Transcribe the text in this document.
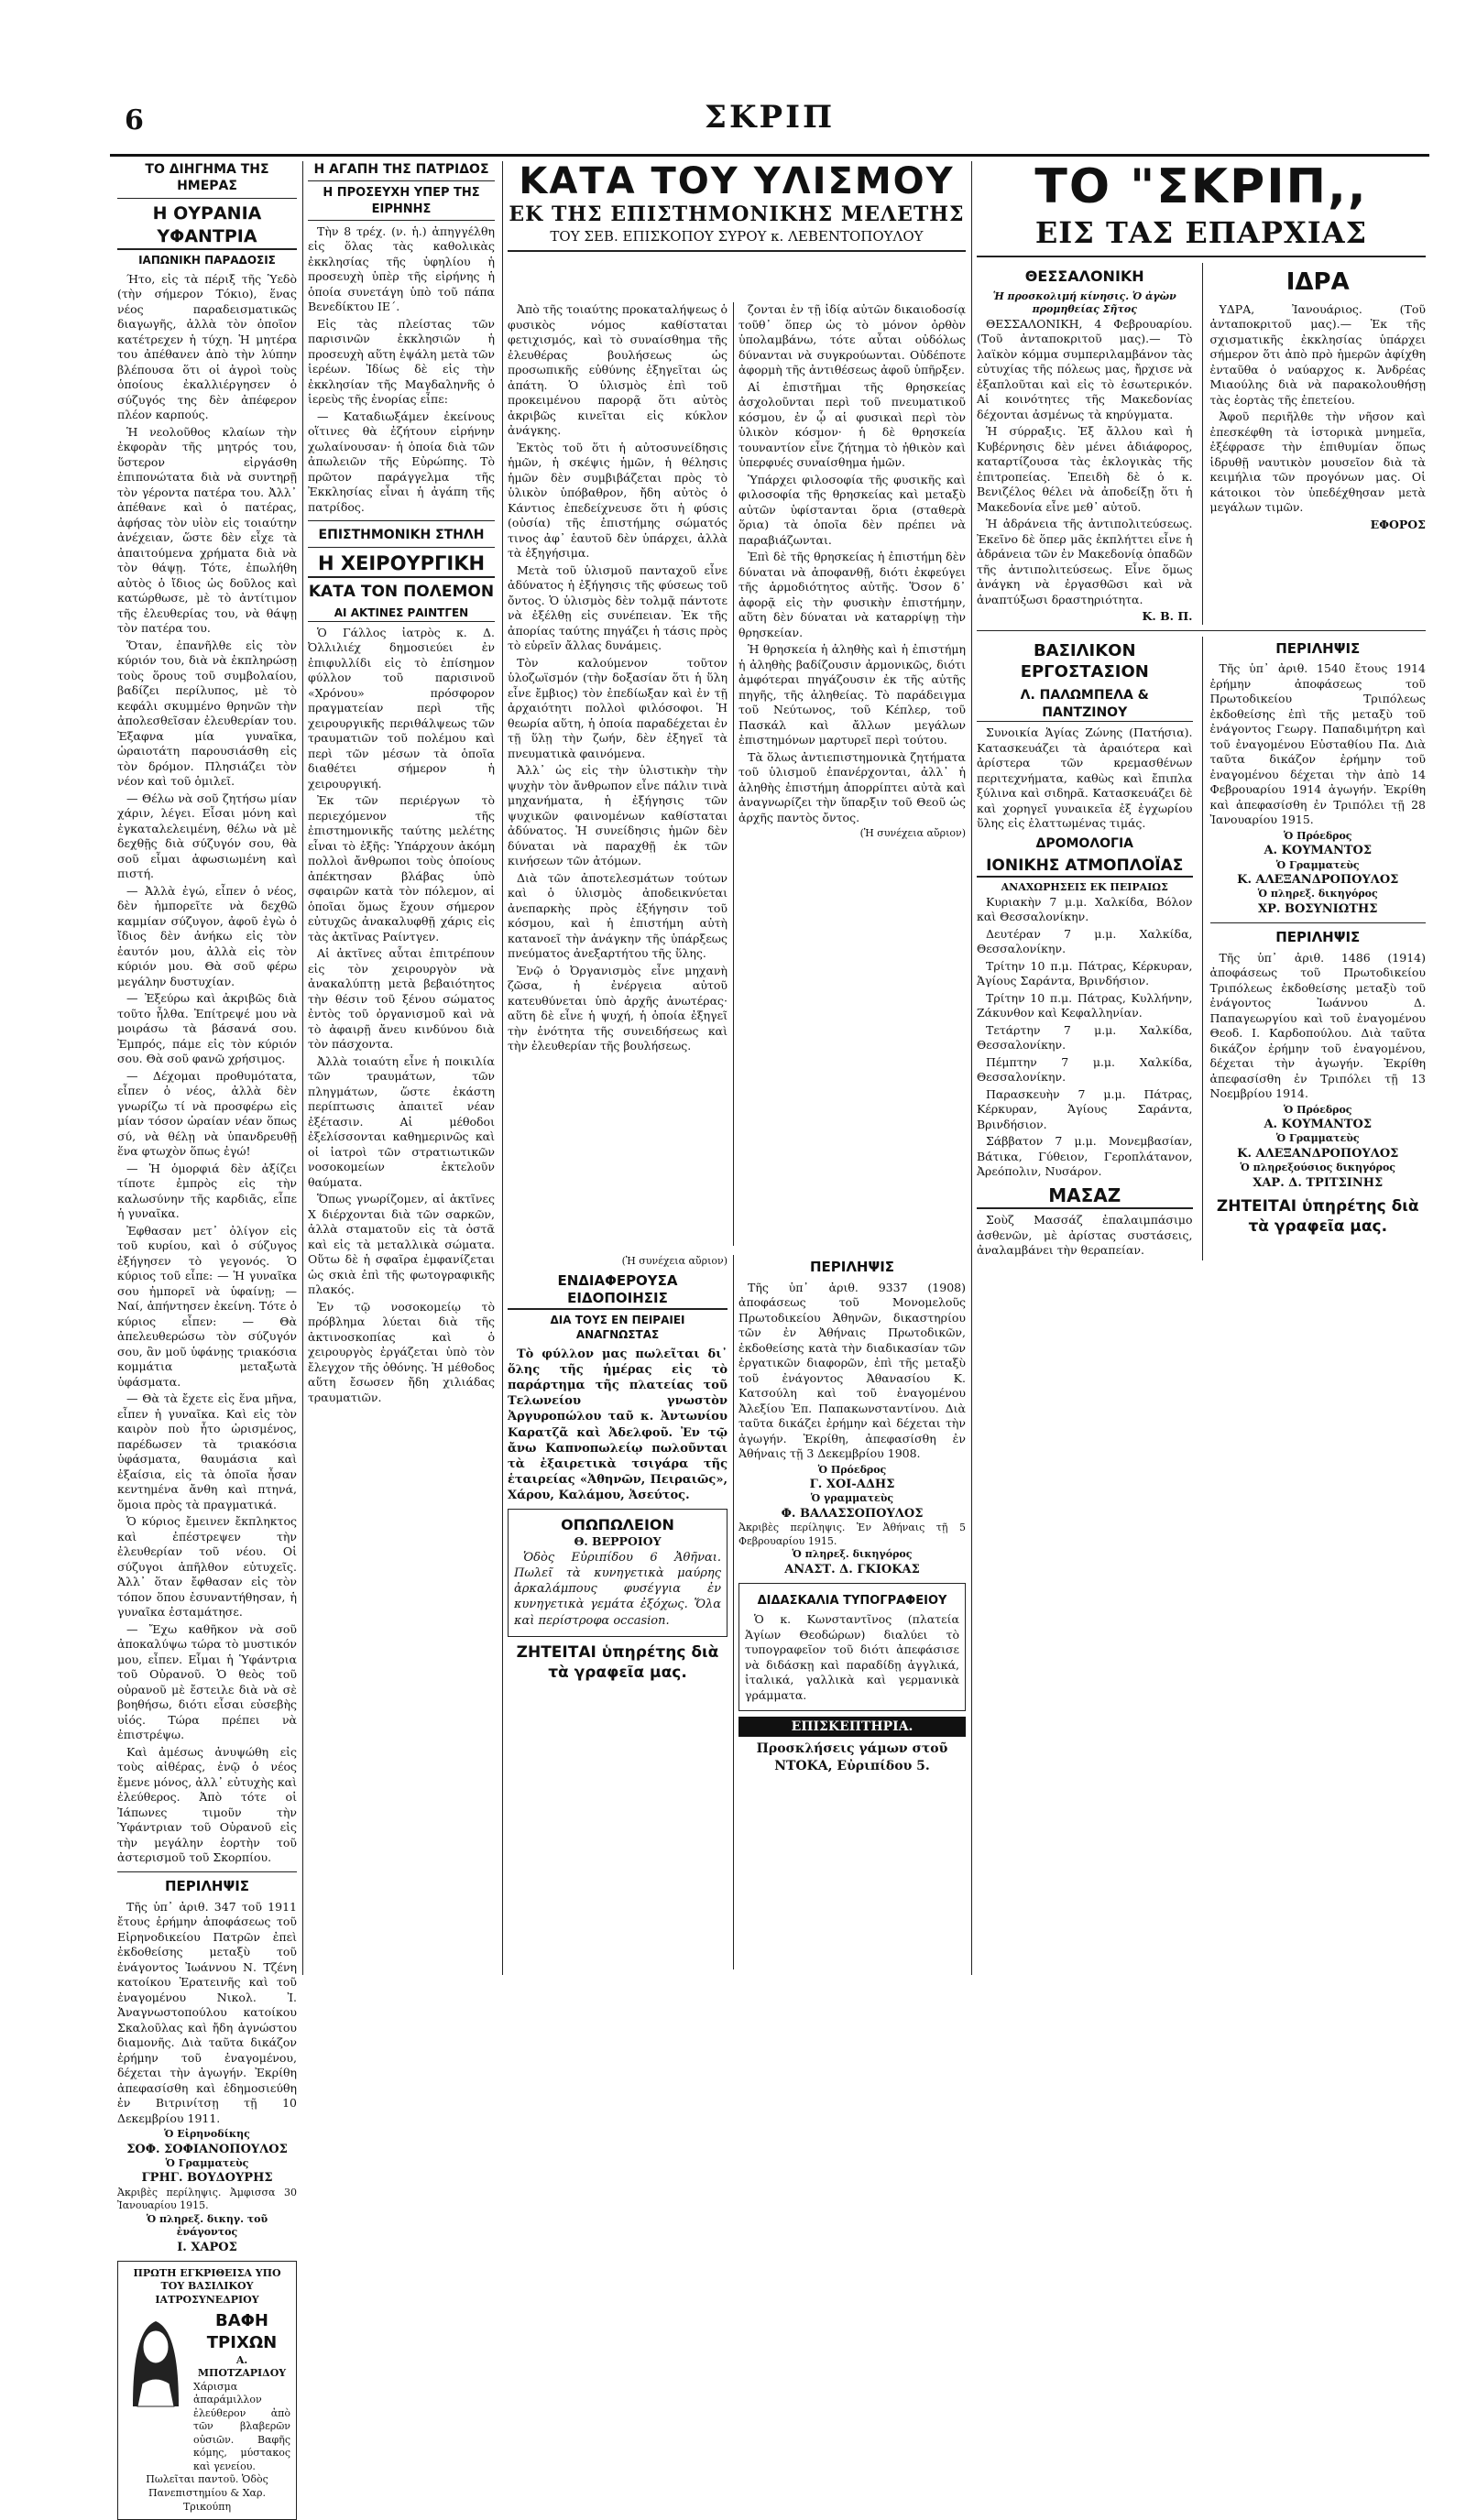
6	ΣΚΡΙΠ
ΤΟ ΔΙΗΓΗΜΑ ΤΗΣ ΗΜΕΡΑΣ
Η ΟΥΡΑΝΙΑ ΥΦΑΝΤΡΙΑ
ΙΑΠΩΝΙΚΗ ΠΑΡΑΔΟΣΙΣ

Ήτο, εἰς τὰ πέριξ τῆς Ὑεδὸ (τὴν σήμερον Τόκιο), ἕνας νέος παραδεισματικῶς διαγωγῆς, ἀλλὰ τὸν ὁποῖον κατέτρεχεν ἡ τύχη. Ἡ μητέρα του ἀπέθανεν ἀπὸ τὴν λύπην βλέπουσα ὅτι οἱ ἀγροὶ τοὺς ὁποίους ἐκαλλιέργησεν ὁ σύζυγός της δὲν ἀπέφερον πλέον καρπούς.

Ἡ νεολοῦθος κλαίων τὴν ἐκφορὰν τῆς μητρός του, ὕστερον εἰργάσθη ἐπιπονώτατα διὰ νὰ συντηρῇ τὸν γέροντα πατέρα του. Ἀλλ᾽ ἀπέθανε καὶ ὁ πατέρας, ἀφήσας τὸν υἱὸν εἰς τοιαύτην ἀνέχειαν, ὥστε δὲν εἶχε τὰ ἀπαιτούμενα χρήματα διὰ νὰ τὸν θάψῃ. Τότε, ἐπωλήθη αὐτὸς ὁ ἴδιος ὡς δοῦλος καὶ κατώρθωσε, μὲ τὸ ἀντίτιμον τῆς ἐλευθερίας του, νὰ θάψῃ τὸν πατέρα του.

Ὅταν, ἐπανῆλθε εἰς τὸν κύριόν του, διὰ νὰ ἐκπληρώσῃ τοὺς ὅρους τοῦ συμβολαίου, βαδίζει περίλυπος, μὲ τὸ κεφάλι σκυμμένο θρηνῶν τὴν ἀπολεσθεῖσαν ἐλευθερίαν του. Ἐξαφνα μία γυναῖκα, ὡραιοτάτη παρουσιάσθη εἰς τὸν δρόμον. Πλησιάζει τὸν νέον καὶ τοῦ ὁμιλεῖ.

— Θέλω νὰ σοῦ ζητήσω μίαν χάριν, λέγει. Εἶσαι μόνη καὶ ἐγκαταλελειμένη, θέλω νὰ μὲ δεχθῇς διὰ σύζυγόν σου, θὰ σοῦ εἶμαι ἀφωσιωμένη καὶ πιστή.

— Ἀλλὰ ἐγώ, εἶπεν ὁ νέος, δὲν ἠμπορεῖτε νὰ δεχθῶ καμμίαν σύζυγον, ἀφοῦ ἐγὼ ὁ ἴδιος δὲν ἀνήκω εἰς τὸν ἑαυτόν μου, ἀλλὰ εἰς τὸν κύριόν μου. Θὰ σοῦ φέρω μεγάλην δυστυχίαν.

— Ἐξεύρω καὶ ἀκριβῶς διὰ τοῦτο ἦλθα. Ἐπίτρεψέ μου νὰ μοιράσω τὰ βάσανά σου. Ἐμπρός, πάμε εἰς τὸν κύριόν σου. Θὰ σοῦ φανῶ χρήσιμος.

— Δέχομαι προθυμότατα, εἶπεν ὁ νέος, ἀλλὰ δὲν γνωρίζω τί νὰ προσφέρω εἰς μίαν τόσον ὡραίαν νέαν ὅπως σύ, νὰ θέλῃ νὰ ὑπανδρευθῇ ἕνα φτωχὸν ὅπως ἐγώ!

— Ἡ ὁμορφιά δὲν ἀξίζει τίποτε ἐμπρὸς εἰς τὴν καλωσύνην τῆς καρδιᾶς, εἶπε ἡ γυναῖκα.

Ἐφθασαν μετ᾽ ὀλίγον εἰς τοῦ κυρίου, καὶ ὁ σύζυγος ἐξήγησεν τὸ γεγονός. Ὁ κύριος τοῦ εἶπε: — Ἡ γυναῖκα σου ἠμπορεῖ νὰ ὑφαίνῃ; — Ναί, ἀπήντησεν ἐκείνη. Τότε ὁ κύριος εἶπεν: — Θὰ ἀπελευθερώσω τὸν σύζυγόν σου, ἂν μοῦ ὑφάνῃς τριακόσια κομμάτια μεταξωτὰ ὑφάσματα.

— Θὰ τὰ ἔχετε εἰς ἕνα μῆνα, εἶπεν ἡ γυναῖκα. Καὶ εἰς τὸν καιρὸν ποὺ ἦτο ὡρισμένος, παρέδωσεν τὰ τριακόσια ὑφάσματα, θαυμάσια καὶ ἐξαίσια, εἰς τὰ ὁποῖα ἦσαν κεντημένα ἄνθη καὶ πτηνά, ὅμοια πρὸς τὰ πραγματικά.

Ὁ κύριος ἔμεινεν ἔκπληκτος καὶ ἐπέστρεψεν τὴν ἐλευθερίαν τοῦ νέου. Οἱ σύζυγοι ἀπῆλθον εὐτυχεῖς. Ἀλλ᾽ ὅταν ἔφθασαν εἰς τὸν τόπον ὅπου ἐσυναντήθησαν, ἡ γυναῖκα ἐσταμάτησε.

— Ἔχω καθῆκον νὰ σοῦ ἀποκαλύψω τώρα τὸ μυστικόν μου, εἶπεν. Εἶμαι ἡ Ὑφάντρια τοῦ Οὐρανοῦ. Ὁ θεὸς τοῦ οὐρανοῦ μὲ ἔστειλε διὰ νὰ σὲ βοηθήσω, διότι εἶσαι εὐσεβὴς υἱός. Τώρα πρέπει νὰ ἐπιστρέψω.

Καὶ ἀμέσως ἀνυψώθη εἰς τοὺς αἰθέρας, ἐνῷ ὁ νέος ἔμενε μόνος, ἀλλ᾽ εὐτυχὴς καὶ ἐλεύθερος. Ἀπὸ τότε οἱ Ἰάπωνες τιμοῦν τὴν Ὑφάντριαν τοῦ Οὐρανοῦ εἰς τὴν μεγάλην ἑορτὴν τοῦ ἀστερισμοῦ τοῦ Σκορπίου.

ΠΕΡΙΛΗΨΙΣ

Τῆς ὑπ᾽ ἀριθ. 347 τοῦ 1911 ἔτους ἐρήμην ἀποφάσεως τοῦ Εἰρηνοδικείου Πατρῶν ἐπεὶ ἐκδοθείσης μεταξὺ τοῦ ἐνάγοντος Ἰωάννου Ν. Τζένη κατοίκου Ἐρατεινῆς καὶ τοῦ ἐναγομένου Νικολ. Ἰ. Ἀναγνωστοπούλου κατοίκου Σκαλοῦλας καὶ ἤδη ἀγνώστου διαμονῆς. Διὰ ταῦτα δικάζον ἐρήμην τοῦ ἐναγομένου, δέχεται τὴν ἀγωγήν. Ἐκρίθη ἀπεφασίσθη καὶ ἐδημοσιεύθη ἐν Βιτρινίτσῃ τῇ 10 Δεκεμβρίου 1911.

Ὁ Εἰρηνοδίκης
ΣΟΦ. ΣΟΦΙΑΝΟΠΟΥΛΟΣ
Ὁ Γραμματεὺς
ΓΡΗΓ. ΒΟΥΔΟΥΡΗΣ
Ἀκριβὲς περίληψις. Ἀμφισσα 30 Ἰανουαρίου 1915.
Ὁ πληρεξ. δικηγ. τοῦ ἐνάγοντος
Ι. ΧΑΡΟΣ
ΠΡΩΤΗ ΕΓΚΡΙΘΕΙΣΑ ΥΠΟ ΤΟΥ ΒΑΣΙΛΙΚΟΥ ΙΑΤΡΟΣΥΝΕΔΡΙΟΥ
ΒΑΦΗ ΤΡΙΧΩΝ
Α. ΜΠΟΤΖΑΡΙΔΟΥ
Χάρισμα ἀπαράμιλλον ἐλεύθερον ἀπὸ τῶν βλαβερῶν οὐσιῶν. Βαφῆς κόμης, μύστακος καὶ γενείου.
Πωλεῖται παντοῦ. Ὁδὸς Πανεπιστημίου & Χαρ. Τρικούπη
Η ΑΓΑΠΗ ΤΗΣ ΠΑΤΡΙΔΟΣ
Η ΠΡΟΣΕΥΧΗ ΥΠΕΡ ΤΗΣ ΕΙΡΗΝΗΣ

Τὴν 8 τρέχ. (ν. ἡ.) ἀπηγγέλθη εἰς ὅλας τὰς καθολικὰς ἐκκλησίας τῆς ὑφηλίου ἡ προσευχὴ ὑπὲρ τῆς εἰρήνης ἡ ὁποία συνετάγη ὑπὸ τοῦ πάπα Βενεδίκτου ΙΕ΄.

Εἰς τὰς πλείστας τῶν παρισινῶν ἐκκλησιῶν ἡ προσευχὴ αὕτη ἐψάλη μετὰ τῶν ἱερέων. Ἰδίως δὲ εἰς τὴν ἐκκλησίαν τῆς Μαγδαληνῆς ὁ ἱερεὺς τῆς ἐνορίας εἶπε:

— Καταδιωξάμεν ἐκείνους οἵτινες θὰ ἐζήτουν εἰρήνην χωλαίνουσαν· ἡ ὁποία διὰ τῶν ἀπωλειῶν τῆς Εὐρώπης. Τὸ πρῶτον παράγγελμα τῆς Ἐκκλησίας εἶναι ἡ ἀγάπη τῆς πατρίδος.

ΕΠΙΣΤΗΜΟΝΙΚΗ ΣΤΗΛΗ
Η ΧΕΙΡΟΥΡΓΙΚΗ
ΚΑΤΑ ΤΟΝ ΠΟΛΕΜΟΝ
ΑΙ ΑΚΤΙΝΕΣ ΡΑΙΝΤΓΕΝ

Ὁ Γάλλος ἰατρὸς κ. Δ. Ὀλλιλιέχ δημοσιεύει ἐν ἐπιφυλλίδι εἰς τὸ ἐπίσημον φύλλον τοῦ παρισινοῦ «Χρόνου» πρόσφορον πραγματείαν περὶ τῆς χειρουργικῆς περιθάλψεως τῶν τραυματιῶν τοῦ πολέμου καὶ περὶ τῶν μέσων τὰ ὁποῖα διαθέτει σήμερον ἡ χειρουργική.

Ἐκ τῶν περιέργων τὸ περιεχόμενον τῆς ἐπιστημονικῆς ταύτης μελέτης εἶναι τὸ ἑξῆς: Ὑπάρχουν ἀκόμη πολλοὶ ἄνθρωποι τοὺς ὁποίους ἀπέκτησαν βλάβας ὑπὸ σφαιρῶν κατὰ τὸν πόλεμον, αἱ ὁποῖαι ὅμως ἔχουν σήμερον εὐτυχῶς ἀνακαλυφθῇ χάρις εἰς τὰς ἀκτῖνας Ραίντγεν.

Αἱ ἀκτῖνες αὗται ἐπιτρέπουν εἰς τὸν χειρουργὸν νὰ ἀνακαλύπτῃ μετὰ βεβαιότητος τὴν θέσιν τοῦ ξένου σώματος ἐντὸς τοῦ ὀργανισμοῦ καὶ νὰ τὸ ἀφαιρῇ ἄνευ κινδύνου διὰ τὸν πάσχοντα.

Ἀλλὰ τοιαύτη εἶνε ἡ ποικιλία τῶν τραυμάτων, τῶν πληγμάτων, ὥστε ἐκάστη περίπτωσις ἀπαιτεῖ νέαν ἐξέτασιν. Αἱ μέθοδοι ἐξελίσσονται καθημερινῶς καὶ οἱ ἰατροὶ τῶν στρατιωτικῶν νοσοκομείων ἐκτελοῦν θαύματα.

Ὅπως γνωρίζομεν, αἱ ἀκτῖνες Χ διέρχονται διὰ τῶν σαρκῶν, ἀλλὰ σταματοῦν εἰς τὰ ὀστᾶ καὶ εἰς τὰ μεταλλικὰ σώματα. Οὕτω δὲ ἡ σφαῖρα ἐμφανίζεται ὡς σκιὰ ἐπὶ τῆς φωτογραφικῆς πλακός.

Ἐν τῷ νοσοκομείῳ τὸ πρόβλημα λύεται διὰ τῆς ἀκτινοσκοπίας καὶ ὁ χειρουργὸς ἐργάζεται ὑπὸ τὸν ἔλεγχον τῆς ὀθόνης. Ἡ μέθοδος αὕτη ἔσωσεν ἤδη χιλιάδας τραυματιῶν.

ΚΑΤΑ ΤΟΥ ΥΛΙΣΜΟΥ
ΕΚ ΤΗΣ ΕΠΙΣΤΗΜΟΝΙΚΗΣ ΜΕΛΕΤΗΣ
ΤΟΥ ΣΕΒ. ΕΠΙΣΚΟΠΟΥ ΣΥΡΟΥ κ. ΛΕΒΕΝΤΟΠΟΥΛΟΥ

Ἀπὸ τῆς τοιαύτης προκαταλήψεως ὁ φυσικὸς νόμος καθίσταται φετιχισμός, καὶ τὸ συναίσθημα τῆς ἐλευθέρας βουλήσεως ὡς προσωπικῆς εὐθύνης ἐξηγεῖται ὡς ἀπάτη. Ὁ ὑλισμὸς ἐπὶ τοῦ προκειμένου παρορᾷ ὅτι αὐτὸς ἀκριβῶς κινεῖται εἰς κύκλον ἀνάγκης.

Ἐκτὸς τοῦ ὅτι ἡ αὐτοσυνείδησις ἡμῶν, ἡ σκέψις ἡμῶν, ἡ θέλησις ἡμῶν δὲν συμβιβάζεται πρὸς τὸ ὑλικὸν ὑπόβαθρον, ἤδη αὐτὸς ὁ Κάντιος ἐπεδείχνευσε ὅτι ἡ φύσις (οὐσία) τῆς ἐπιστήμης σώματός τινος ἀφ᾽ ἑαυτοῦ δὲν ὑπάρχει, ἀλλὰ τὰ ἐξηγήσιμα.

Μετὰ τοῦ ὑλισμοῦ πανταχοῦ εἶνε ἀδύνατος ἡ ἐξήγησις τῆς φύσεως τοῦ ὄντος. Ὁ ὑλισμὸς δὲν τολμᾷ πάντοτε νὰ ἐξέλθῃ εἰς συνέπειαν. Ἐκ τῆς ἀπορίας ταύτης πηγάζει ἡ τάσις πρὸς τὸ εὑρεῖν ἄλλας δυνάμεις.

Τὸν καλούμενον τοῦτον ὑλοζωϊσμόν (τὴν δοξασίαν ὅτι ἡ ὕλη εἶνε ἔμβιος) τὸν ἐπεδίωξαν καὶ ἐν τῇ ἀρχαιότητι πολλοὶ φιλόσοφοι. Ἡ θεωρία αὕτη, ἡ ὁποία παραδέχεται ἐν τῇ ὕλῃ τὴν ζωήν, δὲν ἐξηγεῖ τὰ πνευματικὰ φαινόμενα.

Ἀλλ᾽ ὡς εἰς τὴν ὑλιστικὴν τὴν ψυχὴν τὸν ἄνθρωπον εἶνε πάλιν τινὰ μηχανήματα, ἡ ἐξήγησις τῶν ψυχικῶν φαινομένων καθίσταται ἀδύνατος. Ἡ συνείδησις ἡμῶν δὲν δύναται νὰ παραχθῇ ἐκ τῶν κινήσεων τῶν ἀτόμων.

Διὰ τῶν ἀποτελεσμάτων τούτων καὶ ὁ ὑλισμὸς ἀποδεικνύεται ἀνεπαρκὴς πρὸς ἐξήγησιν τοῦ κόσμου, καὶ ἡ ἐπιστήμη αὐτὴ κατανοεῖ τὴν ἀνάγκην τῆς ὑπάρξεως πνεύματος ἀνεξαρτήτου τῆς ὕλης.

Ἐνῷ ὁ Ὀργανισμὸς εἶνε μηχανὴ ζῶσα, ἡ ἐνέργεια αὐτοῦ κατευθύνεται ὑπὸ ἀρχῆς ἀνωτέρας· αὕτη δὲ εἶνε ἡ ψυχή, ἡ ὁποία ἐξηγεῖ τὴν ἑνότητα τῆς συνειδήσεως καὶ τὴν ἐλευθερίαν τῆς βουλήσεως.

ζονται ἐν τῇ ἰδίᾳ αὐτῶν δικαιοδοσίᾳ τοῦθ᾽ ὅπερ ὡς τὸ μόνον ὀρθὸν ὑπολαμβάνω, τότε αὗται οὐδόλως δύνανται νὰ συγκρούωνται. Οὐδέποτε ἀφορμὴ τῆς ἀντιθέσεως ἀφοῦ ὑπῆρξεν.

Αἱ ἐπιστῆμαι τῆς θρησκείας ἀσχολοῦνται περὶ τοῦ πνευματικοῦ κόσμου, ἐν ᾧ αἱ φυσικαὶ περὶ τὸν ὑλικὸν κόσμον· ἡ δὲ θρησκεία τουναντίον εἶνε ζήτημα τὸ ἠθικὸν καὶ ὑπερφυές συναίσθημα ἡμῶν.

Ὑπάρχει φιλοσοφία τῆς φυσικῆς καὶ φιλοσοφία τῆς θρησκείας καὶ μεταξὺ αὐτῶν ὑφίστανται ὅρια (σταθερὰ ὅρια) τὰ ὁποῖα δὲν πρέπει νὰ παραβιάζωνται.

Ἐπὶ δὲ τῆς θρησκείας ἡ ἐπιστήμη δὲν δύναται νὰ ἀποφανθῇ, διότι ἐκφεύγει τῆς ἀρμοδιότητος αὐτῆς. Ὅσον δ᾽ ἀφορᾷ εἰς τὴν φυσικὴν ἐπιστήμην, αὕτη δὲν δύναται νὰ καταρρίψῃ τὴν θρησκείαν.

Ἡ θρησκεία ἡ ἀληθὴς καὶ ἡ ἐπιστήμη ἡ ἀληθὴς βαδίζουσιν ἀρμονικῶς, διότι ἀμφότεραι πηγάζουσιν ἐκ τῆς αὐτῆς πηγῆς, τῆς ἀληθείας. Τὸ παράδειγμα τοῦ Νεύτωνος, τοῦ Κέπλερ, τοῦ Πασκάλ καὶ ἄλλων μεγάλων ἐπιστημόνων μαρτυρεῖ περὶ τούτου.

Τὰ ὅλως ἀντιεπιστημονικὰ ζητήματα τοῦ ὑλισμοῦ ἐπανέρχονται, ἀλλ᾽ ἡ ἀληθὴς ἐπιστήμη ἀπορρίπτει αὐτὰ καὶ ἀναγνωρίζει τὴν ὕπαρξιν τοῦ Θεοῦ ὡς ἀρχῆς παντὸς ὄντος.

(Ἡ συνέχεια αὔριον)
(Ἡ συνέχεια αὔριον)
ΕΝΔΙΑΦΕΡΟΥΣΑ ΕΙΔΟΠΟΙΗΣΙΣ
ΔΙΑ ΤΟΥΣ ΕΝ ΠΕΙΡΑΙΕΙ ΑΝΑΓΝΩΣΤΑΣ

Τὸ φύλλον μας πωλεῖται δι᾽ ὅλης τῆς ἡμέρας εἰς τὸ παράρτημα τῆς πλατείας τοῦ Τελωνείου γνωστὸν Ἀργυροπώλου ταῦ κ. Ἀντωνίου Καρατζᾶ καὶ Ἀδελφοῦ. Ἐν τῷ ἄνω Καπνοπωλείῳ πωλοῦνται τὰ ἐξαιρετικὰ τσιγάρα τῆς ἑταιρείας «Ἀθηνῶν, Πειραιῶς», Χάρου, Καλάμου, Ἀσεύτος.

ΟΠΩΠΩΛΕΙΟΝ
Θ. ΒΕΡΡΟΙΟΥ

Ὁδὸς Εὐριπίδου 6 Ἀθῆναι. Πωλεῖ τὰ κυνηγετικὰ μαύρης ἀρκαλάμπους φυσέγγια ἐν κυνηγετικὰ γεμάτα ἐξόχως. Ὅλα καὶ περίστροφα occasion.

ΖΗΤΕΙΤΑΙ ὑπηρέτης διὰ τὰ γραφεῖα μας.
ΠΕΡΙΛΗΨΙΣ

Τῆς ὑπ᾽ ἀριθ. 9337 (1908) ἀποφάσεως τοῦ Μονομελοῦς Πρωτοδικείου Ἀθηνῶν, δικαστηρίου τῶν ἐν Ἀθήναις Πρωτοδικῶν, ἐκδοθείσης κατὰ τὴν διαδικασίαν τῶν ἐργατικῶν διαφορῶν, ἐπὶ τῆς μεταξὺ τοῦ ἐνάγοντος Ἀθανασίου Κ. Κατσούλη καὶ τοῦ ἐναγομένου Ἀλεξίου Ἐπ. Παπακωνσταντίνου. Διὰ ταῦτα δικάζει ἐρήμην καὶ δέχεται τὴν ἀγωγήν. Ἐκρίθη, ἀπεφασίσθη ἐν Ἀθήναις τῇ 3 Δεκεμβρίου 1908.

Ὁ Πρόεδρος
Γ. ΧΟΙ-ΑΔΗΣ
Ὁ γραμματεὺς
Φ. ΒΑΛΑΣΣΟΠΟΥΛΟΣ
Ἀκριβὲς περίληψις. Ἐν Ἀθήναις τῇ 5 Φεβρουαρίου 1915.
Ὁ πληρεξ. δικηγόρος
ΑΝΑΣΤ. Δ. ΓΚΙΟΚΑΣ
ΔΙΔΑΣΚΑΛΙΑ ΤΥΠΟΓΡΑΦΕΙΟΥ

Ὁ κ. Κωνσταντῖνος (πλατεία Ἁγίων Θεοδώρων) διαλύει τὸ τυπογραφεῖον τοῦ διότι ἀπεφάσισε νὰ διδάσκῃ καὶ παραδίδῃ ἀγγλικά, ἰταλικά, γαλλικὰ καὶ γερμανικὰ γράμματα.

ΕΠΙΣΚΕΠΤΗΡΙΑ.
Προσκλήσεις γάμων στοῦ ΝΤΟΚΑ, Εὐριπίδου 5.
ΤΟ "ΣΚΡΙΠ,,
ΕΙΣ ΤΑΣ ΕΠΑΡΧΙΑΣ
ΘΕΣΣΑΛΟΝΙΚΗ
Ἡ προσκολιμή κίνησις. Ὁ ἀγὼν προμηθείας Σῆτος

ΘΕΣΣΑΛΟΝΙΚΗ, 4 Φεβρουαρίου. (Τοῦ ἀνταποκριτοῦ μας).— Τὸ λαϊκὸν κόμμα συμπεριλαμβάνον τὰς εὐτυχίας τῆς πόλεως μας, ἤρχισε νὰ ἐξαπλοῦται καὶ εἰς τὸ ἐσωτερικόν. Αἱ κοινότητες τῆς Μακεδονίας δέχονται ἀσμένως τὰ κηρύγματα.

Ἡ σύρραξις. Ἐξ ἄλλου καὶ ἡ Κυβέρνησις δὲν μένει ἀδιάφορος, καταρτίζουσα τὰς ἐκλογικὰς τῆς ἐπιτροπείας. Ἐπειδὴ δὲ ὁ κ. Βενιζέλος θέλει νὰ ἀποδείξῃ ὅτι ἡ Μακεδονία εἶνε μεθ᾽ αὐτοῦ.

Ἡ ἀδράνεια τῆς ἀντιπολιτεύσεως. Ἐκεῖνο δὲ ὅπερ μᾶς ἐκπλήττει εἶνε ἡ ἀδράνεια τῶν ἐν Μακεδονίᾳ ὀπαδῶν τῆς ἀντιπολιτεύσεως. Εἶνε ὅμως ἀνάγκη νὰ ἐργασθῶσι καὶ νὰ ἀναπτύξωσι δραστηριότητα.

Κ. Β. Π.
ΙΔΡΑ

ΥΔΡΑ, Ἰανουάριος. (Τοῦ ἀνταποκριτοῦ μας).— Ἐκ τῆς σχισματικῆς ἐκκλησίας ὑπάρχει σήμερον ὅτι ἀπὸ πρὸ ἡμερῶν ἀφίχθη ἐνταῦθα ὁ ναύαρχος κ. Ἀνδρέας Μιαούλης διὰ νὰ παρακολουθήσῃ τὰς ἑορτὰς τῆς ἐπετείου.

Ἀφοῦ περιῆλθε τὴν νῆσον καὶ ἐπεσκέφθη τὰ ἱστορικὰ μνημεῖα, ἐξέφρασε τὴν ἐπιθυμίαν ὅπως ἱδρυθῇ ναυτικὸν μουσεῖον διὰ τὰ κειμήλια τῶν προγόνων μας. Οἱ κάτοικοι τὸν ὑπεδέχθησαν μετὰ μεγάλων τιμῶν.

ΕΦΟΡΟΣ
ΒΑΣΙΛΙΚΟΝ ΕΡΓΟΣΤΑΣΙΟΝ
Λ. ΠΑΛΩΜΠΕΛΑ & ΠΑΝΤΖΙΝΟΥ

Συνοικία Ἁγίας Ζώνης (Πατήσια). Κατασκευάζει τὰ ἀραιότερα καὶ ἀρίστερα τῶν κρεμασθένων περιτεχνήματα, καθὼς καὶ ἔπιπλα ξύλινα καὶ σιδηρᾶ. Κατασκευάζει δὲ καὶ χορηγεῖ γυναικεῖα ἐξ ἐγχωρίου ὕλης εἰς ἐλαττωμένας τιμάς.

ΔΡΟΜΟΛΟΓΙΑ
ΙΟΝΙΚΗΣ ΑΤΜΟΠΛΟΪΑΣ
ΑΝΑΧΩΡΗΣΕΙΣ ΕΚ ΠΕΙΡΑΙΩΣ

Κυριακὴν 7 μ.μ. Χαλκίδα, Βόλον καὶ Θεσσαλονίκην.

Δευτέραν 7 μ.μ. Χαλκίδα, Θεσσαλονίκην.

Τρίτην 10 π.μ. Πάτρας, Κέρκυραν, Ἁγίους Σαράντα, Βρινδήσιον.

Τρίτην 10 π.μ. Πάτρας, Κυλλήνην, Ζάκυνθον καὶ Κεφαλληνίαν.

Τετάρτην 7 μ.μ. Χαλκίδα, Θεσσαλονίκην.

Πέμπτην 7 μ.μ. Χαλκίδα, Θεσσαλονίκην.

Παρασκευὴν 7 μ.μ. Πάτρας, Κέρκυραν, Ἁγίους Σαράντα, Βρινδήσιον.

Σάββατον 7 μ.μ. Μονεμβασίαν, Βάτικα, Γύθειον, Γεροπλάτανον, Ἀρεόπολιν, Νυσάρον.

ΜΑΣΑΖ

Σοὺζ Μασσάζ ἐπαλαιμπάσιμο ἀσθενῶν, μὲ ἀρίστας συστάσεις, ἀναλαμβάνει τὴν θεραπείαν.

ΠΕΡΙΛΗΨΙΣ

Τῆς ὑπ᾽ ἀριθ. 1540 ἔτους 1914 ἐρήμην ἀποφάσεως τοῦ Πρωτοδικείου Τριπόλεως ἐκδοθείσης ἐπὶ τῆς μεταξὺ τοῦ ἐνάγοντος Γεωργ. Παπαδιμήτρη καὶ τοῦ ἐναγομένου Εὐσταθίου Πα. Διὰ ταῦτα δικάζον ἐρήμην τοῦ ἐναγομένου δέχεται τὴν ἀπὸ 14 Φεβρουαρίου 1914 ἀγωγήν. Ἐκρίθη καὶ ἀπεφασίσθη ἐν Τριπόλει τῇ 28 Ἰανουαρίου 1915.

Ὁ Πρόεδρος
Α. ΚΟΥΜΑΝΤΟΣ
Ὁ Γραμματεὺς
Κ. ΑΛΕΞΑΝΔΡΟΠΟΥΛΟΣ
Ὁ πληρεξ. δικηγόρος
ΧΡ. ΒΟΣΥΝΙΩΤΗΣ
ΠΕΡΙΛΗΨΙΣ

Τῆς ὑπ᾽ ἀριθ. 1486 (1914) ἀποφάσεως τοῦ Πρωτοδικείου Τριπόλεως ἐκδοθείσης μεταξὺ τοῦ ἐνάγοντος Ἰωάννου Δ. Παπαγεωργίου καὶ τοῦ ἐναγομένου Θεοδ. Ι. Καρδοπούλου. Διὰ ταῦτα δικάζον ἐρήμην τοῦ ἐναγομένου, δέχεται τὴν ἀγωγήν. Ἐκρίθη ἀπεφασίσθη ἐν Τριπόλει τῇ 13 Νοεμβρίου 1914.

Ὁ Πρόεδρος
Α. ΚΟΥΜΑΝΤΟΣ
Ὁ Γραμματεὺς
Κ. ΑΛΕΞΑΝΔΡΟΠΟΥΛΟΣ
Ὁ πληρεξούσιος δικηγόρος
ΧΑΡ. Δ. ΤΡΙΤΣΙΝΗΣ
ΖΗΤΕΙΤΑΙ ὑπηρέτης διὰ τὰ γραφεῖα μας.
